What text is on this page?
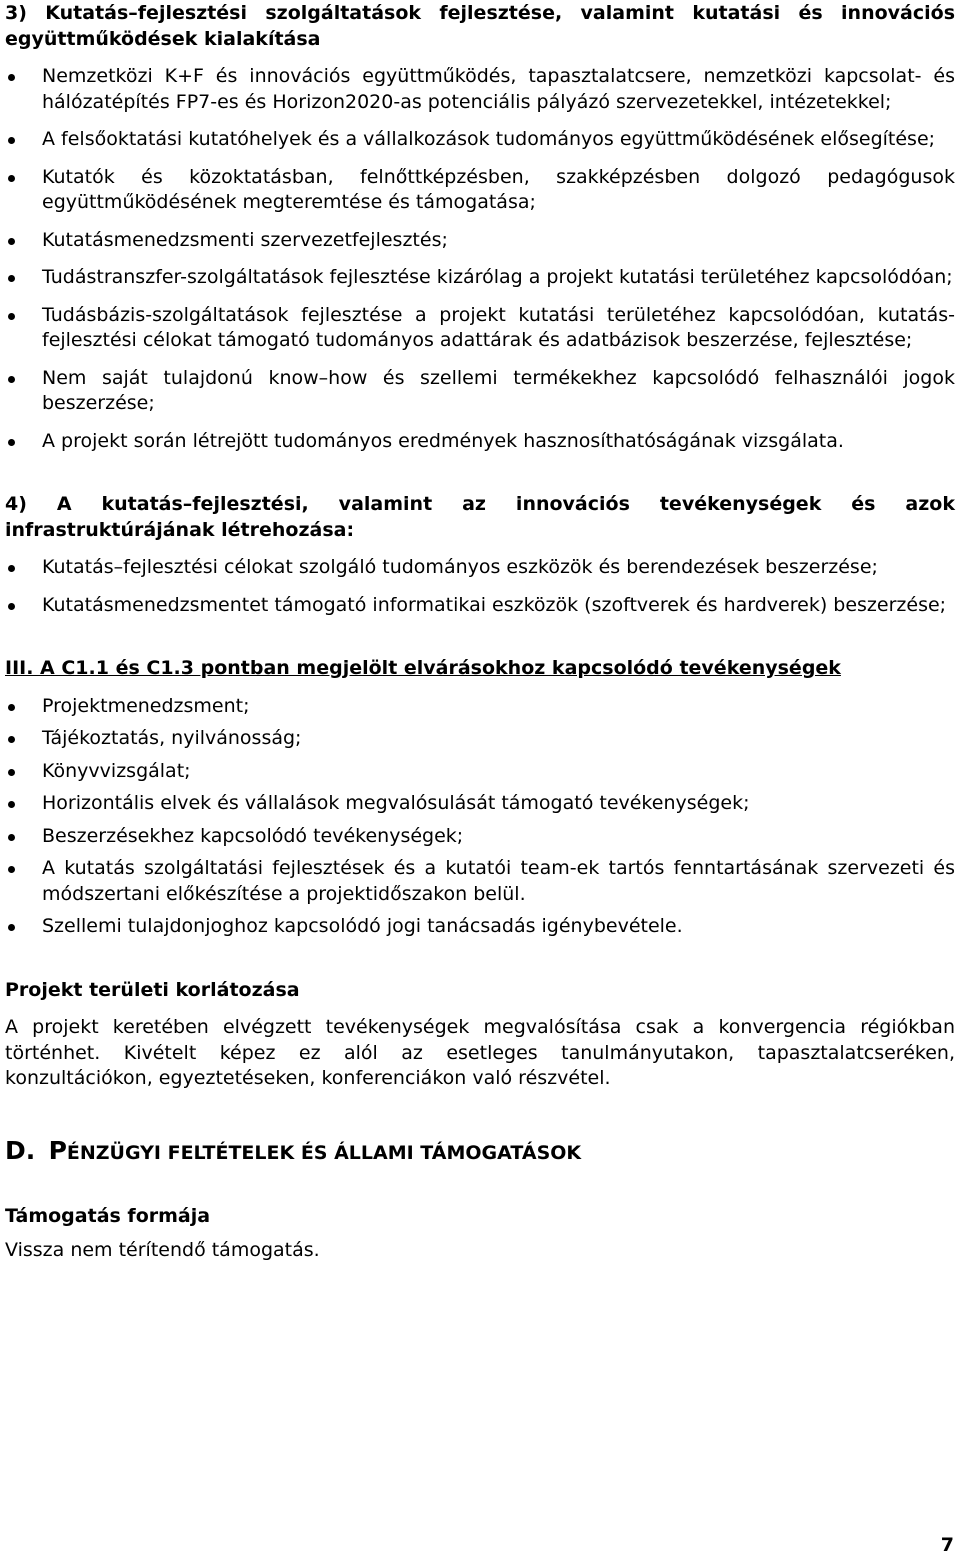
3) Kutatás–fejlesztési szolgáltatások fejlesztése, valamint kutatási és innovációs együttműködések kialakítása

Nemzetközi K+F és innovációs együttműködés, tapasztalatcsere, nemzetközi kapcsolat- és hálózatépítés FP7-es és Horizon2020-as potenciális pályázó szervezetekkel, intézetekkel;
A felsőoktatási kutatóhelyek és a vállalkozások tudományos együttműködésének elősegítése;
Kutatók és közoktatásban, felnőttképzésben, szakképzésben dolgozó pedagógusok együttműködésének megteremtése és támogatása;
Kutatásmenedzsmenti szervezetfejlesztés;
Tudástranszfer-szolgáltatások fejlesztése kizárólag a projekt kutatási területéhez kapcsolódóan;
Tudásbázis-szolgáltatások fejlesztése a projekt kutatási területéhez kapcsolódóan, kutatás-fejlesztési célokat támogató tudományos adattárak és adatbázisok beszerzése, fejlesztése;
Nem saját tulajdonú know–how és szellemi termékekhez kapcsolódó felhasználói jogok beszerzése;
A projekt során létrejött tudományos eredmények hasznosíthatóságának vizsgálata.

4) A kutatás–fejlesztési, valamint az innovációs tevékenységek és azok infrastruktúrájának létrehozása:

Kutatás–fejlesztési célokat szolgáló tudományos eszközök és berendezések beszerzése;
Kutatásmenedzsmentet támogató informatikai eszközök (szoftverek és hardverek) beszerzése;

III. A C1.1 és C1.3 pontban megjelölt elvárásokhoz kapcsolódó tevékenységek

Projektmenedzsment;
Tájékoztatás, nyilvánosság;
Könyvvizsgálat;
Horizontális elvek és vállalások megvalósulását támogató tevékenységek;
Beszerzésekhez kapcsolódó tevékenységek;
A kutatás szolgáltatási fejlesztések és a kutatói team-ek tartós fenntartásának szervezeti és módszertani előkészítése a projektidőszakon belül.
Szellemi tulajdonjoghoz kapcsolódó jogi tanácsadás igénybevétele.

Projekt területi korlátozása

A projekt keretében elvégzett tevékenységek megvalósítása csak a konvergencia régiókban történhet. Kivételt képez ez alól az esetleges tanulmányutakon, tapasztalatcseréken, konzultációkon, egyeztetéseken, konferenciákon való részvétel.

D. PÉNZÜGYI FELTÉTELEK ÉS ÁLLAMI TÁMOGATÁSOK

Támogatás formája

Vissza nem térítendő támogatás.

7
